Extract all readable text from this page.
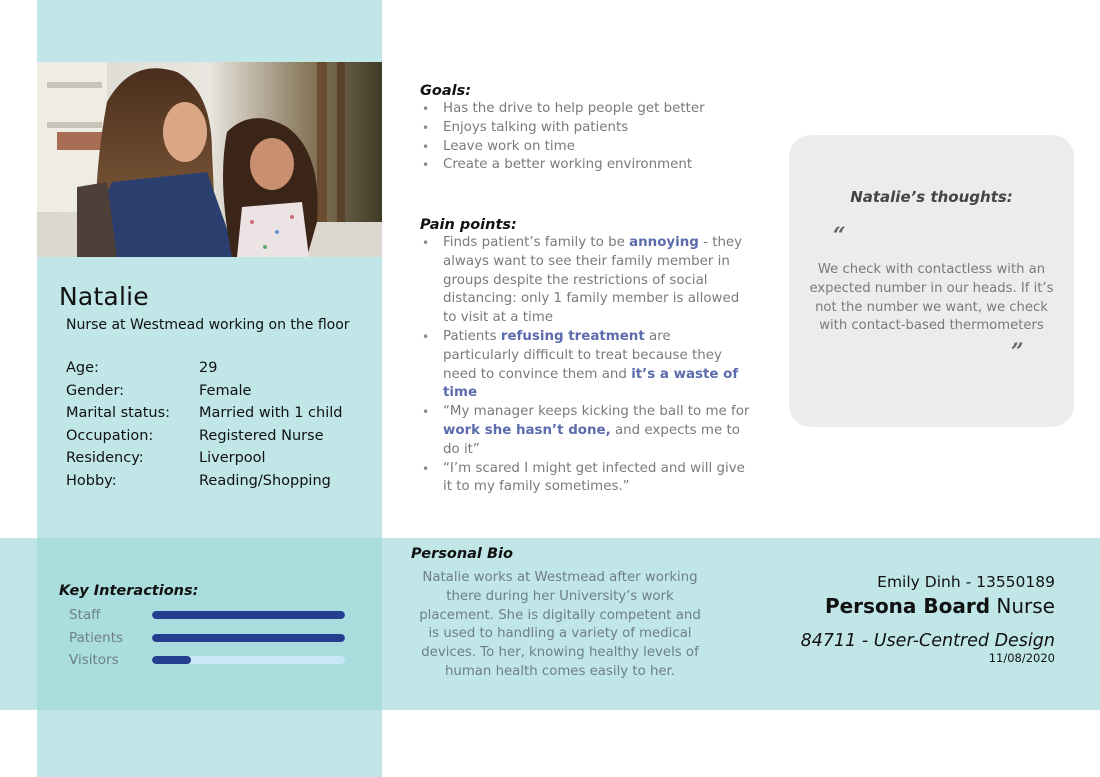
Natalie
Nurse at Westmead working on the floor
Age:	29
Gender:	Female
Marital status:	Married with 1 child
Occupation:	Registered Nurse
Residency:	Liverpool
Hobby:	Reading/Shopping
Goals:
• Has the drive to help people get better
• Enjoys talking with patients
• Leave work on time
• Create a better working environment
Pain points:
• Finds patient’s family to be annoying - they always want to see their family member in groups despite the restrictions of social distancing: only 1 family member is allowed to visit at a time
• Patients refusing treatment are particularly difficult to treat because they need to convince them and it’s a waste of time
• “My manager keeps kicking the ball to me for work she hasn’t done, and expects me to do it”
• “I’m scared I might get infected and will give it to my family sometimes.”
Natalie’s thoughts:
“
We check with contactless with an expected number in our heads. If it’s not the number we want, we check with contact-based thermometers
”
Key Interactions:
Staff
Patients
Visitors
Personal Bio
Natalie works at Westmead after working there during her University’s work placement. She is digitally competent and is used to handling a variety of medical devices. To her, knowing healthy levels of human health comes easily to her.
Emily Dinh - 13550189
Persona Board Nurse
84711 - User-Centred Design
11/08/2020
